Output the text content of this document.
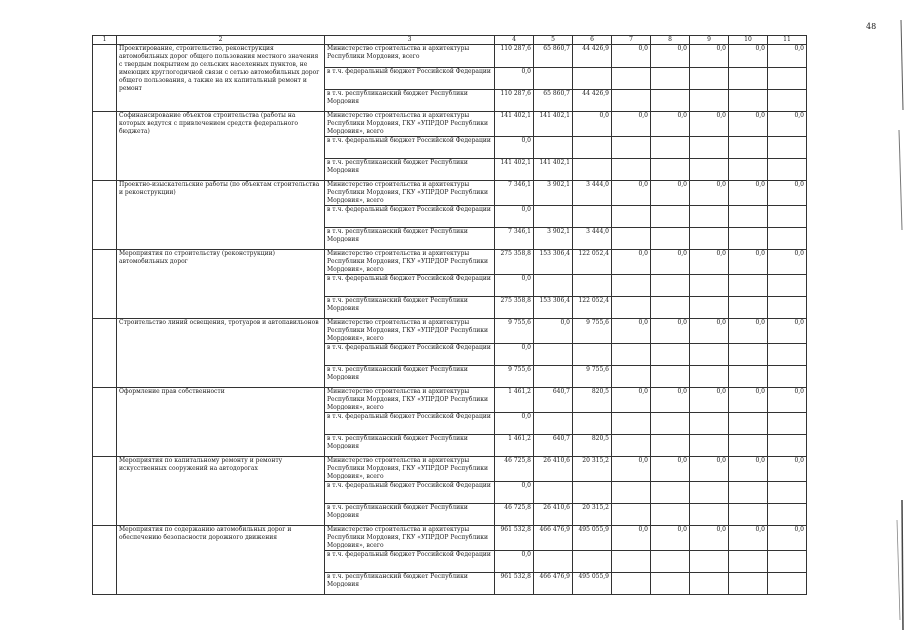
48
1	2	3	4	5	6	7	8	9	10	11
	Проектирование, строительство, реконструкция автомобильных дорог общего пользования местного значения с твердым покрытием до сельских населенных пунктов, не имеющих круглогодичной связи с сетью автомобильных дорог общего пользования, а также на их капитальный ремонт и ремонт	Министерство строительства и архитектуры Республики Мордовия, всего	110 287,6	65 860,7	44 426,9	0,0	0,0	0,0	0,0	0,0
		в т.ч. федеральный бюджет Российской Федерации	0,0							
		в т.ч. республиканский бюджет Республики Мордовия	110 287,6	65 860,7	44 426,9					
	Софинансирование объектов строительства (работы на которых ведутся с привлечением средств федерального бюджета)	Министерство строительства и архитектуры Республики Мордовия, ГКУ «УПРДОР Республики Мордовия», всего	141 402,1	141 402,1	0,0	0,0	0,0	0,0	0,0	0,0
		в т.ч. федеральный бюджет Российской Федерации	0,0							
		в т.ч. республиканский бюджет Республики Мордовия	141 402,1	141 402,1						
	Проектно-изыскательские работы (по объектам строительства и реконструкции)	Министерство строительства и архитектуры Республики Мордовия, ГКУ «УПРДОР Республики Мордовия», всего	7 346,1	3 902,1	3 444,0	0,0	0,0	0,0	0,0	0,0
		в т.ч. федеральный бюджет Российской Федерации	0,0							
		в т.ч. республиканский бюджет Республики Мордовия	7 346,1	3 902,1	3 444,0					
	Мероприятия по строительству (реконструкции) автомобильных дорог	Министерство строительства и архитектуры Республики Мордовия, ГКУ «УПРДОР Республики Мордовия», всего	275 358,8	153 306,4	122 052,4	0,0	0,0	0,0	0,0	0,0
		в т.ч. федеральный бюджет Российской Федерации	0,0							
		в т.ч. республиканский бюджет Республики Мордовия	275 358,8	153 306,4	122 052,4					
	Строительство линий освещения, тротуаров и автопавильонов	Министерство строительства и архитектуры Республики Мордовия, ГКУ «УПРДОР Республики Мордовия», всего	9 755,6	0,0	9 755,6	0,0	0,0	0,0	0,0	0,0
		в т.ч. федеральный бюджет Российской Федерации	0,0							
		в т.ч. республиканский бюджет Республики Мордовия	9 755,6		9 755,6					
	Оформление прав собственности	Министерство строительства и архитектуры Республики Мордовия, ГКУ «УПРДОР Республики Мордовия», всего	1 461,2	640,7	820,5	0,0	0,0	0,0	0,0	0,0
		в т.ч. федеральный бюджет Российской Федерации	0,0							
		в т.ч. республиканский бюджет Республики Мордовия	1 461,2	640,7	820,5					
	Мероприятия по капитальному ремонту и ремонту искусственных сооружений на автодорогах	Министерство строительства и архитектуры Республики Мордовия, ГКУ «УПРДОР Республики Мордовия», всего	46 725,8	26 410,6	20 315,2	0,0	0,0	0,0	0,0	0,0
		в т.ч. федеральный бюджет Российской Федерации	0,0							
		в т.ч. республиканский бюджет Республики Мордовия	46 725,8	26 410,6	20 315,2					
	Мероприятия по содержанию автомобильных дорог и обеспечению безопасности дорожного движения	Министерство строительства и архитектуры Республики Мордовия, ГКУ «УПРДОР Республики Мордовия», всего	961 532,8	466 476,9	495 055,9	0,0	0,0	0,0	0,0	0,0
		в т.ч. федеральный бюджет Российской Федерации	0,0							
		в т.ч. республиканский бюджет Республики Мордовия	961 532,8	466 476,9	495 055,9					
